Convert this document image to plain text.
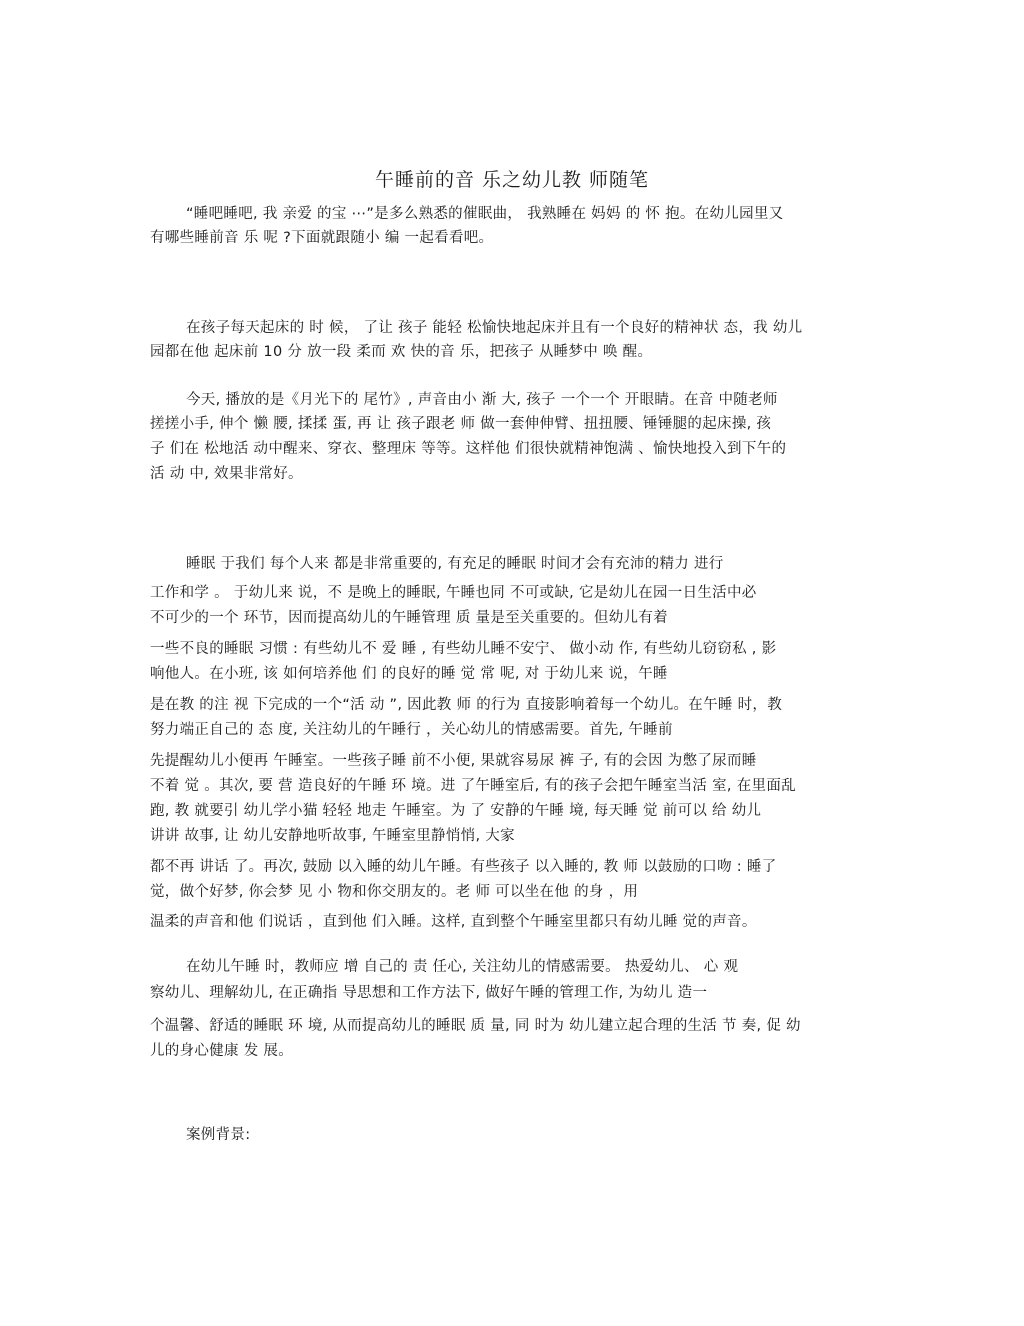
午睡前的音 乐之幼儿教 师随笔
“睡吧睡吧, 我 亲爱 的宝 ⋯”是多么熟悉的催眠曲， 我熟睡在 妈妈 的 怀 抱。在幼儿园里又
有哪些睡前音 乐 呢 ?下面就跟随小 编 一起看看吧。
在孩子每天起床的 时 候， 了让 孩子 能轻 松愉快地起床并且有一个良好的精神状 态，我 幼儿
园都在他 起床前 10 分 放一段 柔而 欢 快的音 乐，把孩子 从睡梦中 唤 醒。
今天, 播放的是《月光下的 尾竹》, 声音由小 渐 大, 孩子 一个一个 开眼睛。在音 中随老师
搓搓小手, 伸个 懒 腰, 揉揉 蛋, 再 让 孩子跟老 师 做一套伸伸臂、扭扭腰、锤锤腿的起床操, 孩
子 们在 松地活 动中醒来、穿衣、整理床 等等。这样他 们很快就精神饱满 、愉快地投入到下午的
活 动 中, 效果非常好。
睡眠 于我们 每个人来 都是非常重要的, 有充足的睡眠 时间才会有充沛的精力 进行
工作和学 。 于幼儿来 说，不 是晚上的睡眠, 午睡也同 不可或缺, 它是幼儿在园一日生活中必
不可少的一个 环节，因而提高幼儿的午睡管理 质 量是至关重要的。但幼儿有着
一些不良的睡眠 习惯 : 有些幼儿不 爱 睡 , 有些幼儿睡不安宁、 做小动 作, 有些幼儿窃窃私 , 影
响他人。在小班, 该 如何培养他 们 的良好的睡 觉 常 呢, 对 于幼儿来 说，午睡
是在教 的注 视 下完成的一个“活 动 ”, 因此教 师 的行为 直接影响着每一个幼儿。在午睡 时，教
努力端正自己的 态 度, 关注幼儿的午睡行 ，关心幼儿的情感需要。首先, 午睡前
先提醒幼儿小便再 午睡室。一些孩子睡 前不小便, 果就容易尿 裤 子, 有的会因 为憋了尿而睡
不着 觉 。其次, 要 营 造良好的午睡 环 境。进 了午睡室后, 有的孩子会把午睡室当活 室, 在里面乱
跑, 教 就要引 幼儿学小猫 轻轻 地走 午睡室。为 了 安静的午睡 境, 每天睡 觉 前可以 给 幼儿
讲讲 故事, 让 幼儿安静地听故事, 午睡室里静悄悄, 大家
都不再 讲话 了。再次, 鼓励 以入睡的幼儿午睡。有些孩子 以入睡的, 教 师 以鼓励的口吻 : 睡了
觉，做个好梦, 你会梦 见 小 物和你交朋友的。老 师 可以坐在他 的身 ，用
温柔的声音和他 们说话 ，直到他 们入睡。这样, 直到整个午睡室里都只有幼儿睡 觉的声音。
在幼儿午睡 时，教师应 增 自己的 责 任心, 关注幼儿的情感需要。 热爱幼儿、 心 观
察幼儿、理解幼儿, 在正确指 导思想和工作方法下, 做好午睡的管理工作, 为幼儿 造一
个温馨、舒适的睡眠 环 境, 从而提高幼儿的睡眠 质 量, 同 时为 幼儿建立起合理的生活 节 奏, 促 幼
儿的身心健康 发 展。
案例背景:
